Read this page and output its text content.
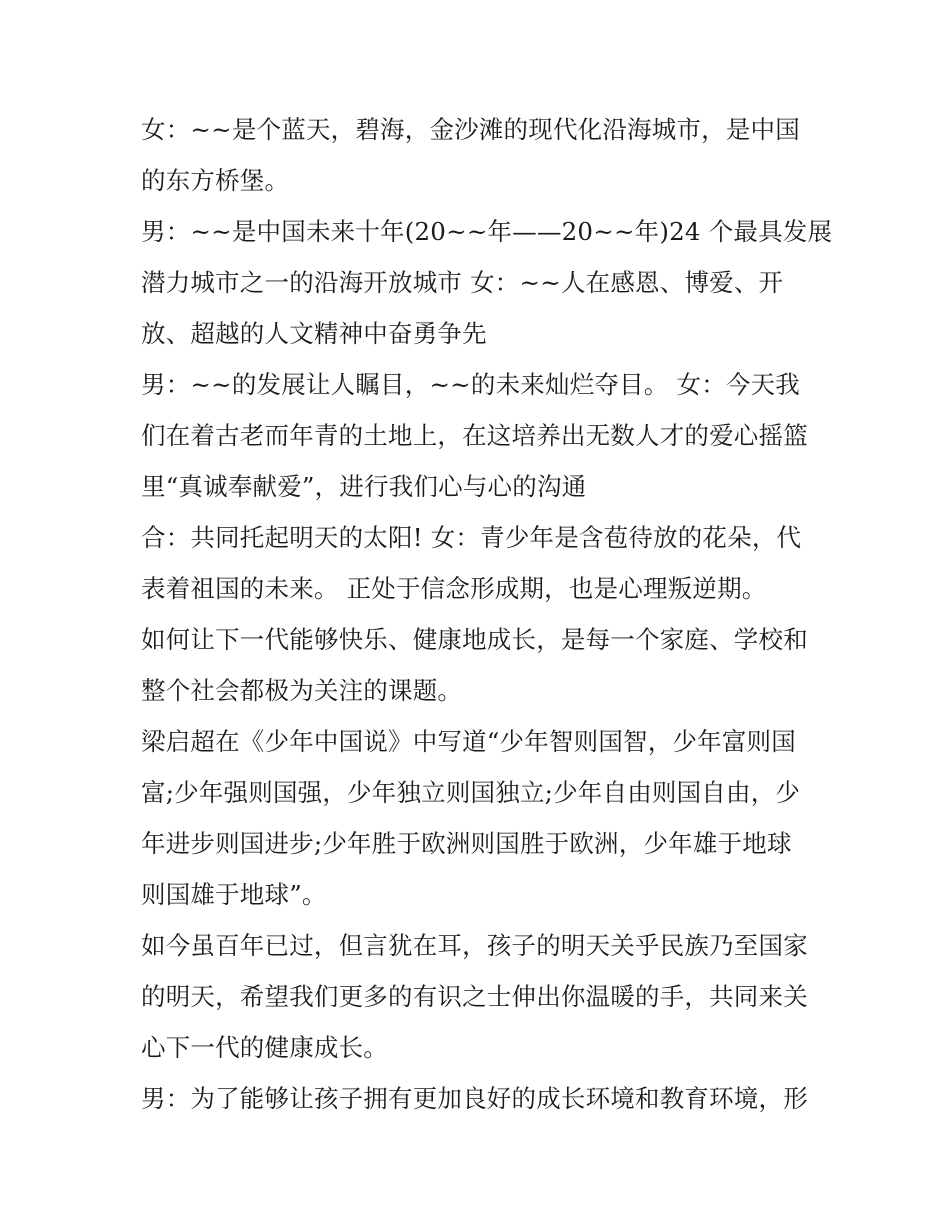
女：~~是个蓝天，碧海，金沙滩的现代化沿海城市，是中国
的东方桥堡。
男：~~是中国未来十年(20~~年——20~~年)24 个最具发展
潜力城市之一的沿海开放城市 女：~~人在感恩、博爱、开
放、超越的人文精神中奋勇争先
男：~~的发展让人瞩目，~~的未来灿烂夺目。 女：今天我
们在着古老而年青的土地上，在这培养出无数人才的爱心摇篮
里“真诚奉献爱”，进行我们心与心的沟通
合：共同托起明天的太阳! 女：青少年是含苞待放的花朵，代
表着祖国的未来。 正处于信念形成期，也是心理叛逆期。
如何让下一代能够快乐、健康地成长，是每一个家庭、学校和
整个社会都极为关注的课题。
梁启超在《少年中国说》中写道“少年智则国智，少年富则国
富;少年强则国强，少年独立则国独立;少年自由则国自由，少
年进步则国进步;少年胜于欧洲则国胜于欧洲，少年雄于地球
则国雄于地球”。
如今虽百年已过，但言犹在耳，孩子的明天关乎民族乃至国家
的明天，希望我们更多的有识之士伸出你温暖的手，共同来关
心下一代的健康成长。
男：为了能够让孩子拥有更加良好的成长环境和教育环境，形
